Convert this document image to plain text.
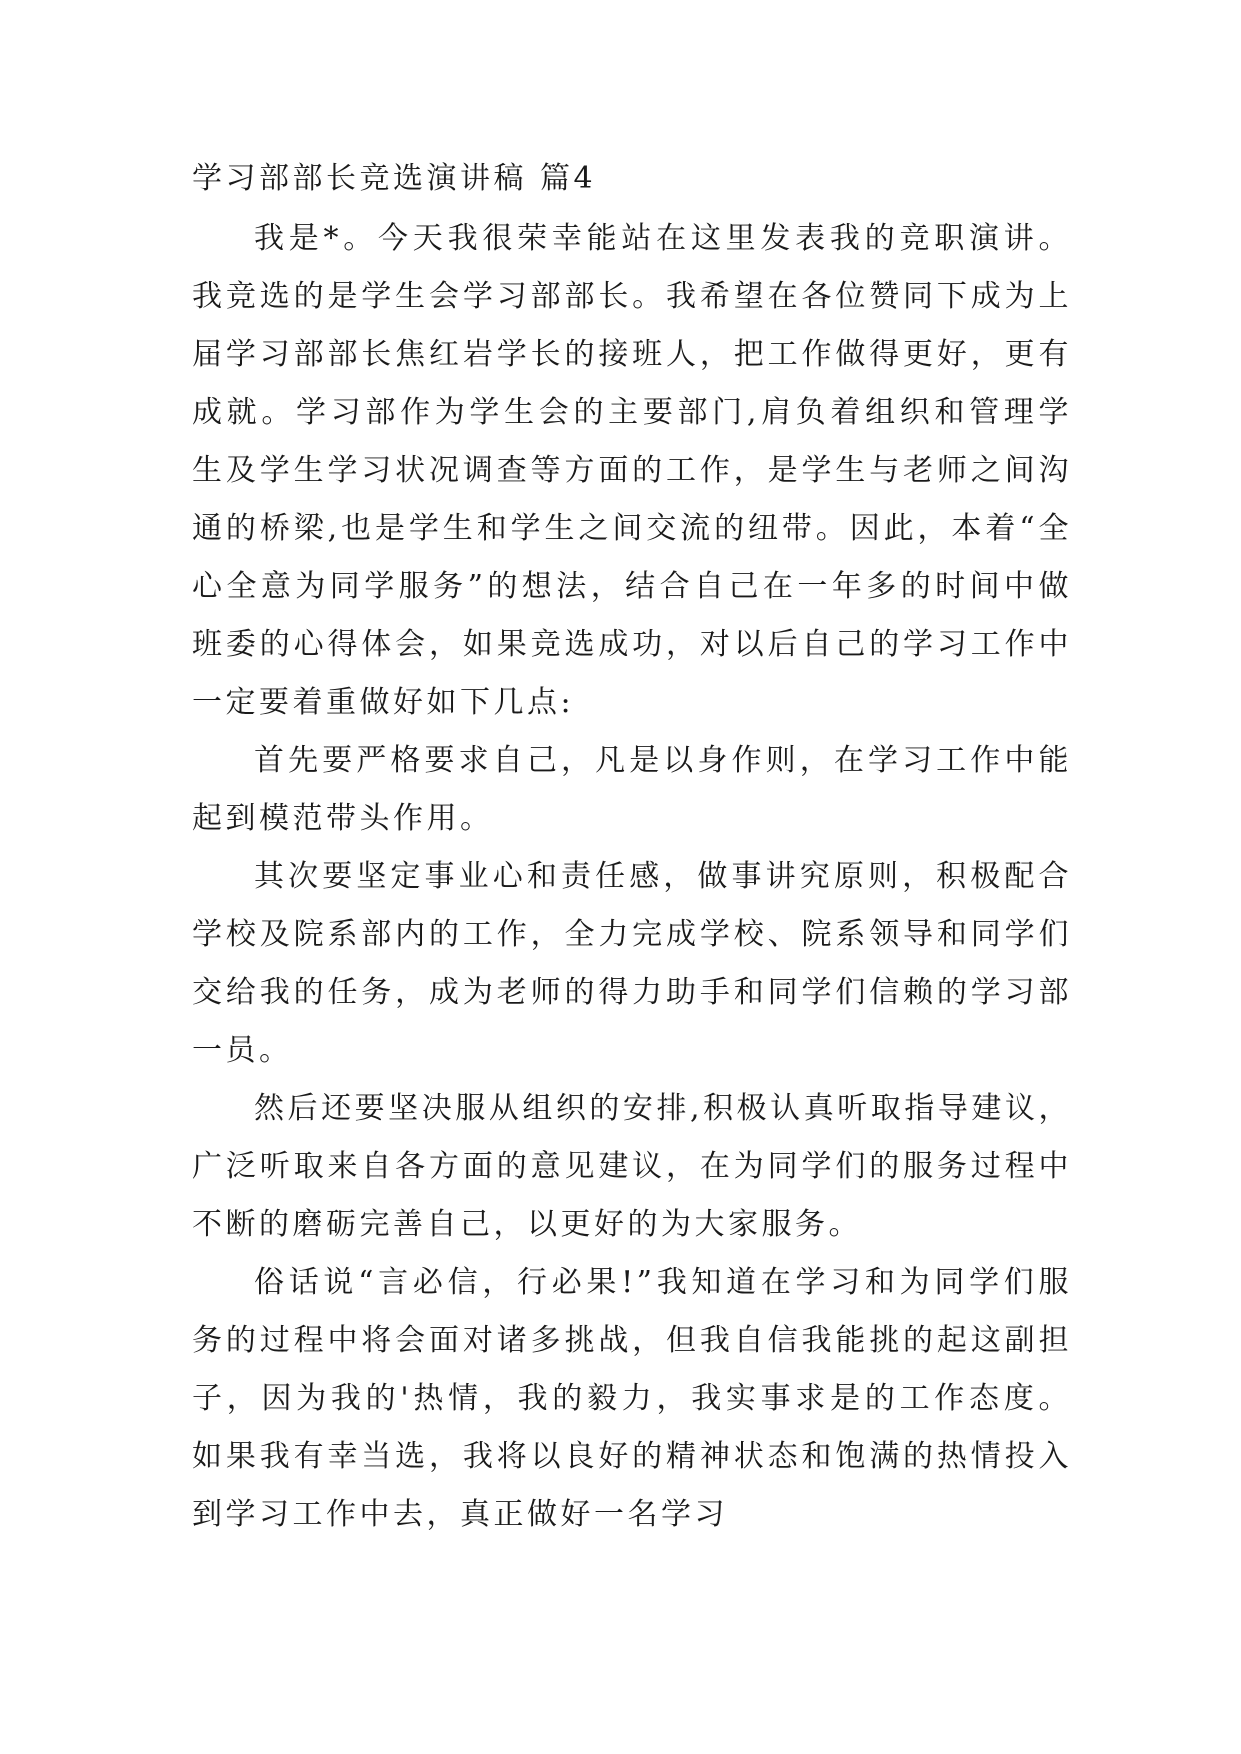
学习部部长竞选演讲稿 篇4

我是*。今天我很荣幸能站在这里发表我的竞职演讲。我竞选的是学生会学习部部长。我希望在各位赞同下成为上届学习部部长焦红岩学长的接班人，把工作做得更好，更有成就。学习部作为学生会的主要部门,肩负着组织和管理学生及学生学习状况调查等方面的工作，是学生与老师之间沟通的桥梁,也是学生和学生之间交流的纽带。因此，本着“全心全意为同学服务”的想法，结合自己在一年多的时间中做班委的心得体会，如果竞选成功，对以后自己的学习工作中一定要着重做好如下几点:

首先要严格要求自己，凡是以身作则，在学习工作中能起到模范带头作用。

其次要坚定事业心和责任感，做事讲究原则，积极配合学校及院系部内的工作，全力完成学校、院系领导和同学们交给我的任务，成为老师的得力助手和同学们信赖的学习部一员。

然后还要坚决服从组织的安排,积极认真听取指导建议，广泛听取来自各方面的意见建议，在为同学们的服务过程中不断的磨砺完善自己，以更好的为大家服务。

俗话说“言必信，行必果!”我知道在学习和为同学们服务的过程中将会面对诸多挑战，但我自信我能挑的起这副担子，因为我的'热情，我的毅力，我实事求是的工作态度。如果我有幸当选，我将以良好的精神状态和饱满的热情投入到学习工作中去，真正做好一名学习
